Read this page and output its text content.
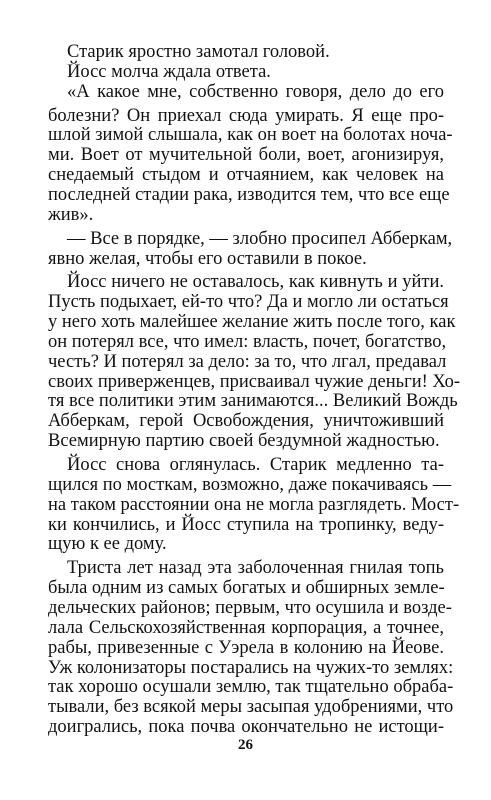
Старик яростно замотал головой.
Йосс молча ждала ответа.
«А какое мне, собственно говоря, дело до его
болезни? Он приехал сюда умирать. Я еще про-
шлой зимой слышала, как он воет на болотах ноча-
ми. Воет от мучительной боли, воет, агонизируя,
снедаемый стыдом и отчаянием, как человек на
последней стадии рака, изводится тем, что все еще
жив».
— Все в порядке, — злобно просипел Абберкам,
явно желая, чтобы его оставили в покое.
Йосс ничего не оставалось, как кивнуть и уйти.
Пусть подыхает, ей-то что? Да и могло ли остаться
у него хоть малейшее желание жить после того, как
он потерял все, что имел: власть, почет, богатство,
честь? И потерял за дело: за то, что лгал, предавал
своих приверженцев, присваивал чужие деньги! Хо-
тя все политики этим занимаются... Великий Вождь
Абберкам, герой Освобождения, уничтоживший
Всемирную партию своей бездумной жадностью.
Йосс снова оглянулась. Старик медленно та-
щился по мосткам, возможно, даже покачиваясь —
на таком расстоянии она не могла разглядеть. Мост-
ки кончились, и Йосс ступила на тропинку, веду-
щую к ее дому.
Триста лет назад эта заболоченная гнилая топь
была одним из самых богатых и обширных земле-
дельческих районов; первым, что осушила и возде-
лала Сельскохозяйственная корпорация, а точнее,
рабы, привезенные с Уэрела в колонию на Йеове.
Уж колонизаторы постарались на чужих-то землях:
так хорошо осушали землю, так тщательно обраба-
тывали, без всякой меры засыпая удобрениями, что
доигрались, пока почва окончательно не истощи-
26
